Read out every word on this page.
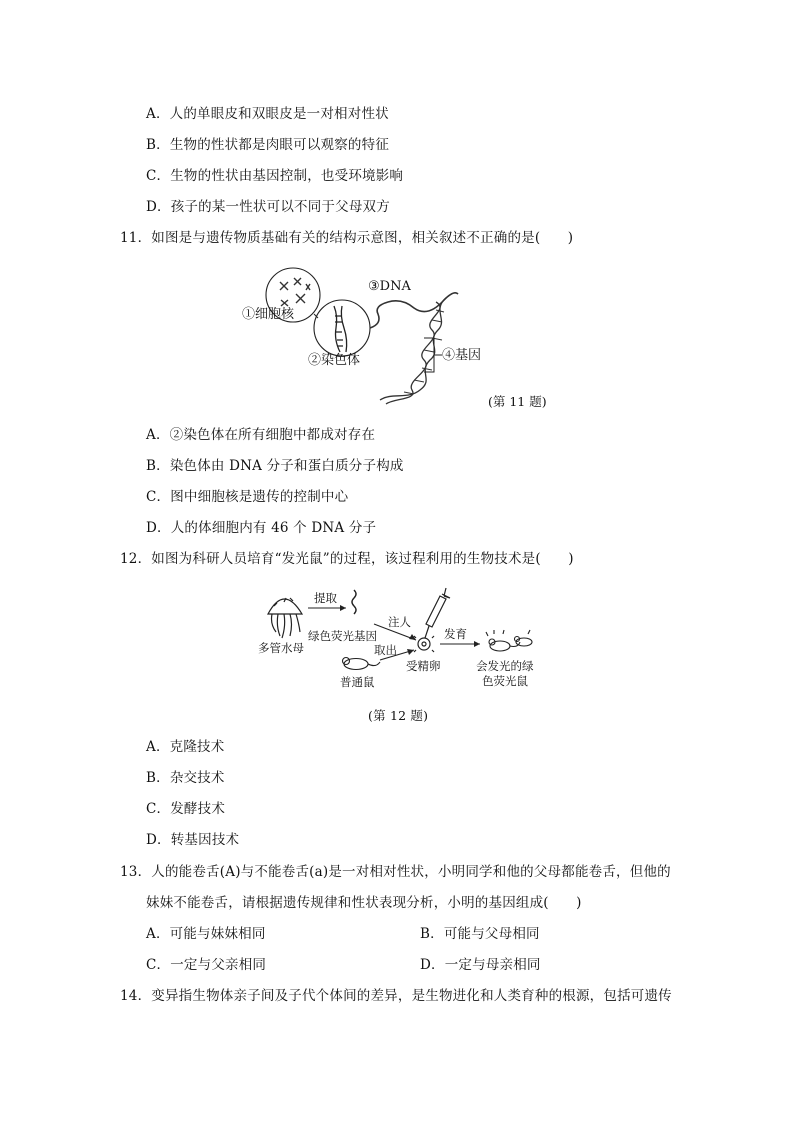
A．人的单眼皮和双眼皮是一对相对性状
B．生物的性状都是肉眼可以观察的特征
C．生物的性状由基因控制，也受环境影响
D．孩子的某一性状可以不同于父母双方
11．如图是与遗传物质基础有关的结构示意图，相关叙述不正确的是(　　)
③DNA
①细胞核
②染色体	④基因
(第 11 题)
A．②染色体在所有细胞中都成对存在
B．染色体由 DNA 分子和蛋白质分子构成
C．图中细胞核是遗传的控制中心
D．人的体细胞内有 46 个 DNA 分子
12．如图为科研人员培育“发光鼠”的过程，该过程利用的生物技术是(　　)
多管水母
提取
绿色荧光基因
注人
受精卵
发育
会发光的绿
色荧光鼠
普通鼠
取出
(第 12 题)
A．克隆技术
B．杂交技术
C．发酵技术
D．转基因技术
13．人的能卷舌(A)与不能卷舌(a)是一对相对性状，小明同学和他的父母都能卷舌，但他的
妹妹不能卷舌，请根据遗传规律和性状表现分析，小明的基因组成(　　)
A．可能与妹妹相同	B．可能与父母相同
C．一定与父亲相同	D．一定与母亲相同
14．变异指生物体亲子间及子代个体间的差异，是生物进化和人类育种的根源，包括可遗传
